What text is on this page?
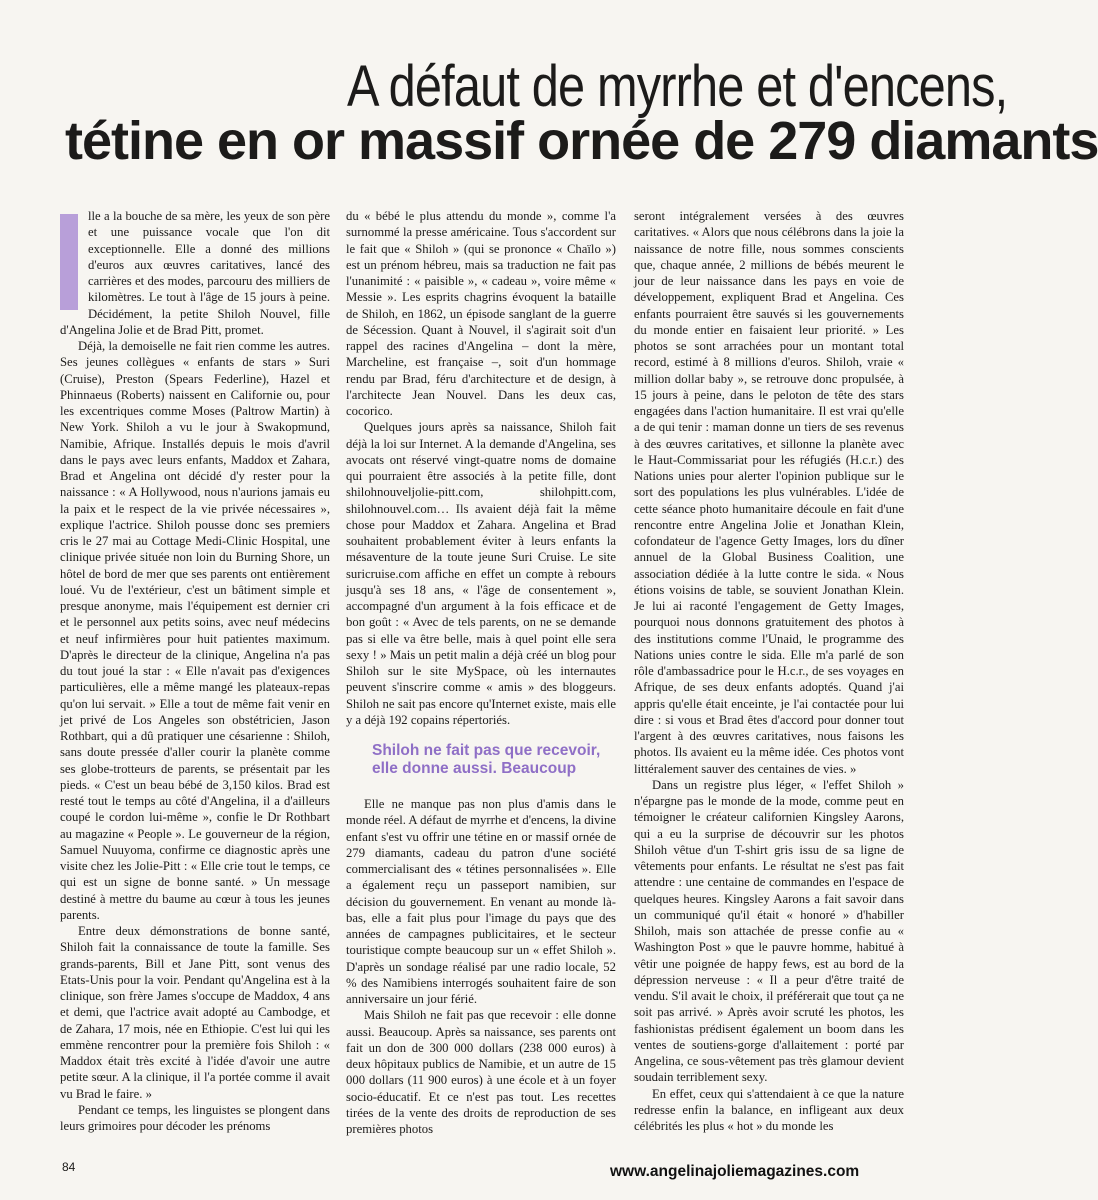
A défaut de myrrhe et d'encens,
tétine en or massif ornée de 279 diamants

lle a la bouche de sa mère, les yeux de son père et une puissance vocale que l'on dit exceptionnelle. Elle a donné des millions d'euros aux œuvres caritatives, lancé des carrières et des modes, parcouru des milliers de kilomètres. Le tout à l'âge de 15 jours à peine. Décidément, la petite Shiloh Nouvel, fille d'Angelina Jolie et de Brad Pitt, promet.

Déjà, la demoiselle ne fait rien comme les autres. Ses jeunes collègues « enfants de stars » Suri (Cruise), Preston (Spears Federline), Hazel et Phinnaeus (Roberts) naissent en Californie ou, pour les excentriques comme Moses (Paltrow Martin) à New York. Shiloh a vu le jour à Swakopmund, Namibie, Afrique. Installés depuis le mois d'avril dans le pays avec leurs enfants, Maddox et Zahara, Brad et Angelina ont décidé d'y rester pour la naissance : « A Hollywood, nous n'aurions jamais eu la paix et le respect de la vie privée nécessaires », explique l'actrice. Shiloh pousse donc ses premiers cris le 27 mai au Cottage Medi-Clinic Hospital, une clinique privée située non loin du Burning Shore, un hôtel de bord de mer que ses parents ont entièrement loué. Vu de l'extérieur, c'est un bâtiment simple et presque anonyme, mais l'équipement est dernier cri et le personnel aux petits soins, avec neuf médecins et neuf infirmières pour huit patientes maximum. D'après le directeur de la clinique, Angelina n'a pas du tout joué la star : « Elle n'avait pas d'exigences particulières, elle a même mangé les plateaux-repas qu'on lui servait. » Elle a tout de même fait venir en jet privé de Los Angeles son obstétricien, Jason Rothbart, qui a dû pratiquer une césarienne : Shiloh, sans doute pressée d'aller courir la planète comme ses globe-trotteurs de parents, se présentait par les pieds. « C'est un beau bébé de 3,150 kilos. Brad est resté tout le temps au côté d'Angelina, il a d'ailleurs coupé le cordon lui-même », confie le Dr Rothbart au magazine « People ». Le gouverneur de la région, Samuel Nuuyoma, confirme ce diagnostic après une visite chez les Jolie-Pitt : « Elle crie tout le temps, ce qui est un signe de bonne santé. » Un message destiné à mettre du baume au cœur à tous les jeunes parents.

Entre deux démonstrations de bonne santé, Shiloh fait la connaissance de toute la famille. Ses grands-parents, Bill et Jane Pitt, sont venus des Etats-Unis pour la voir. Pendant qu'Angelina est à la clinique, son frère James s'occupe de Maddox, 4 ans et demi, que l'actrice avait adopté au Cambodge, et de Zahara, 17 mois, née en Ethiopie. C'est lui qui les emmène rencontrer pour la première fois Shiloh : « Maddox était très excité à l'idée d'avoir une autre petite sœur. A la clinique, il l'a portée comme il avait vu Brad le faire. »

Pendant ce temps, les linguistes se plongent dans leurs grimoires pour décoder les prénoms

du « bébé le plus attendu du monde », comme l'a surnommé la presse américaine. Tous s'accordent sur le fait que « Shiloh » (qui se prononce « Chaïlo ») est un prénom hébreu, mais sa traduction ne fait pas l'unanimité : « paisible », « cadeau », voire même « Messie ». Les esprits chagrins évoquent la bataille de Shiloh, en 1862, un épisode sanglant de la guerre de Sécession. Quant à Nouvel, il s'agirait soit d'un rappel des racines d'Angelina – dont la mère, Marcheline, est française –, soit d'un hommage rendu par Brad, féru d'architecture et de design, à l'architecte Jean Nouvel. Dans les deux cas, cocorico.

Quelques jours après sa naissance, Shiloh fait déjà la loi sur Internet. A la demande d'Angelina, ses avocats ont réservé vingt-quatre noms de domaine qui pourraient être associés à la petite fille, dont shilohnouveljolie-pitt.com, shilohpitt.com, shilohnouvel.com… Ils avaient déjà fait la même chose pour Maddox et Zahara. Angelina et Brad souhaitent probablement éviter à leurs enfants la mésaventure de la toute jeune Suri Cruise. Le site suricruise.com affiche en effet un compte à rebours jusqu'à ses 18 ans, « l'âge de consentement », accompagné d'un argument à la fois efficace et de bon goût : « Avec de tels parents, on ne se demande pas si elle va être belle, mais à quel point elle sera sexy ! » Mais un petit malin a déjà créé un blog pour Shiloh sur le site MySpace, où les internautes peuvent s'inscrire comme « amis » des bloggeurs. Shiloh ne sait pas encore qu'Internet existe, mais elle y a déjà 192 copains répertoriés.

Shiloh ne fait pas que recevoir, elle donne aussi. Beaucoup

Elle ne manque pas non plus d'amis dans le monde réel. A défaut de myrrhe et d'encens, la divine enfant s'est vu offrir une tétine en or massif ornée de 279 diamants, cadeau du patron d'une société commercialisant des « tétines personnalisées ». Elle a également reçu un passeport namibien, sur décision du gouvernement. En venant au monde là-bas, elle a fait plus pour l'image du pays que des années de campagnes publicitaires, et le secteur touristique compte beaucoup sur un « effet Shiloh ». D'après un sondage réalisé par une radio locale, 52 % des Namibiens interrogés souhaitent faire de son anniversaire un jour férié.

Mais Shiloh ne fait pas que recevoir : elle donne aussi. Beaucoup. Après sa naissance, ses parents ont fait un don de 300 000 dollars (238 000 euros) à deux hôpitaux publics de Namibie, et un autre de 15 000 dollars (11 900 euros) à une école et à un foyer socio-éducatif. Et ce n'est pas tout. Les recettes tirées de la vente des droits de reproduction de ses premières photos

seront intégralement versées à des œuvres caritatives. « Alors que nous célébrons dans la joie la naissance de notre fille, nous sommes conscients que, chaque année, 2 millions de bébés meurent le jour de leur naissance dans les pays en voie de développement, expliquent Brad et Angelina. Ces enfants pourraient être sauvés si les gouvernements du monde entier en faisaient leur priorité. » Les photos se sont arrachées pour un montant total record, estimé à 8 millions d'euros. Shiloh, vraie « million dollar baby », se retrouve donc propulsée, à 15 jours à peine, dans le peloton de tête des stars engagées dans l'action humanitaire. Il est vrai qu'elle a de qui tenir : maman donne un tiers de ses revenus à des œuvres caritatives, et sillonne la planète avec le Haut-Commissariat pour les réfugiés (H.c.r.) des Nations unies pour alerter l'opinion publique sur le sort des populations les plus vulnérables. L'idée de cette séance photo humanitaire découle en fait d'une rencontre entre Angelina Jolie et Jonathan Klein, cofondateur de l'agence Getty Images, lors du dîner annuel de la Global Business Coalition, une association dédiée à la lutte contre le sida. « Nous étions voisins de table, se souvient Jonathan Klein. Je lui ai raconté l'engagement de Getty Images, pourquoi nous donnons gratuitement des photos à des institutions comme l'Unaid, le programme des Nations unies contre le sida. Elle m'a parlé de son rôle d'ambassadrice pour le H.c.r., de ses voyages en Afrique, de ses deux enfants adoptés. Quand j'ai appris qu'elle était enceinte, je l'ai contactée pour lui dire : si vous et Brad êtes d'accord pour donner tout l'argent à des œuvres caritatives, nous faisons les photos. Ils avaient eu la même idée. Ces photos vont littéralement sauver des centaines de vies. »

Dans un registre plus léger, « l'effet Shiloh » n'épargne pas le monde de la mode, comme peut en témoigner le créateur californien Kingsley Aarons, qui a eu la surprise de découvrir sur les photos Shiloh vêtue d'un T-shirt gris issu de sa ligne de vêtements pour enfants. Le résultat ne s'est pas fait attendre : une centaine de commandes en l'espace de quelques heures. Kingsley Aarons a fait savoir dans un communiqué qu'il était « honoré » d'habiller Shiloh, mais son attachée de presse confie au « Washington Post » que le pauvre homme, habitué à vêtir une poignée de happy fews, est au bord de la dépression nerveuse : « Il a peur d'être traité de vendu. S'il avait le choix, il préférerait que tout ça ne soit pas arrivé. » Après avoir scruté les photos, les fashionistas prédisent également un boom dans les ventes de soutiens-gorge d'allaitement : porté par Angelina, ce sous-vêtement pas très glamour devient soudain terriblement sexy.

En effet, ceux qui s'attendaient à ce que la nature redresse enfin la balance, en infligeant aux deux célébrités les plus « hot » du monde les

84	www.angelinajoliemagazines.com
